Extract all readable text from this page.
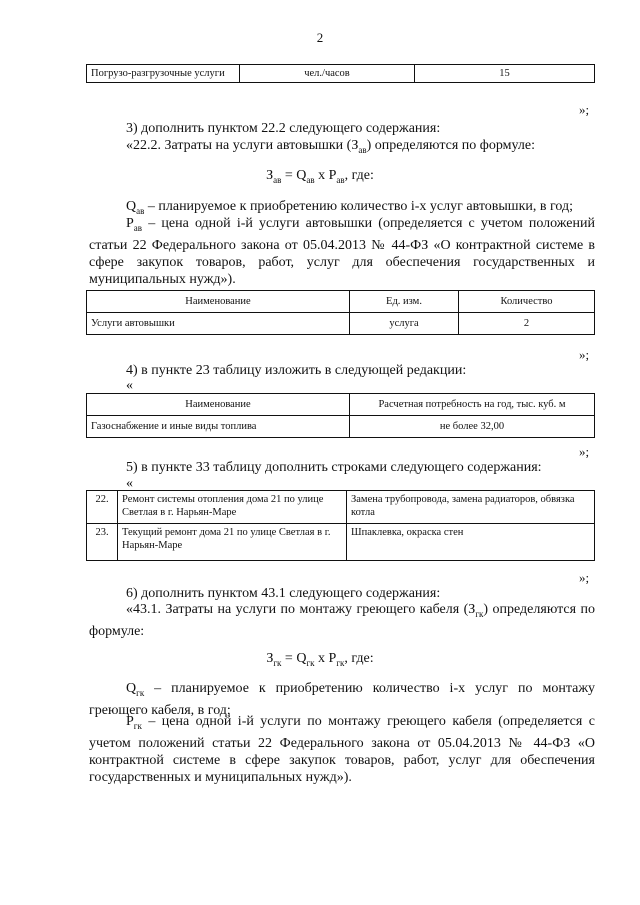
2
Погрузо-разгрузочные услуги	чел./часов	15
»;
3) дополнить пунктом 22.2 следующего содержания:
«22.2. Затраты на услуги автовышки $(З_{ав})$ определяются по формуле:
$З_{ав} = Q_{ав}$ x $P_{ав}$, где:
$Q_{ав}$ – планируемое к приобретению количество i-х услуг автовышки, в год;
$P_{ав}$ – цена одной i-й услуги автовышки (определяется с учетом положений статьи 22 Федерального закона от 05.04.2013 № 44-ФЗ «О контрактной системе в сфере закупок товаров, работ, услуг для обеспечения государственных и муниципальных нужд»).
Наименование	Ед. изм.	Количество
Услуги автовышки	услуга	2
»;
4) в пункте 23 таблицу изложить в следующей редакции:
«
Наименование	Расчетная потребность на год, тыс. куб. м
Газоснабжение и иные виды топлива	не более 32,00
»;
5) в пункте 33 таблицу дополнить строками следующего содержания:
«
22.	Ремонт системы отопления дома 21 по улице Светлая в г. Нарьян-Маре	Замена трубопровода, замена радиаторов, обвязка котла
23.	Текущий ремонт дома 21 по улице Светлая в г. Нарьян-Маре	Шпаклевка, окраска стен
»;
6) дополнить пунктом 43.1 следующего содержания:
«43.1. Затраты на услуги по монтажу греющего кабеля $(З_{гк})$ определяются по формуле:
$З_{гк} = Q_{гк}$ x $P_{гк}$, где:
$Q_{гк}$ – планируемое к приобретению количество i-х услуг по монтажу греющего кабеля, в год;
$P_{гк}$ – цена одной i-й услуги по монтажу греющего кабеля (определяется с учетом положений статьи 22 Федерального закона от 05.04.2013 № 44-ФЗ «О контрактной системе в сфере закупок товаров, работ, услуг для обеспечения государственных и муниципальных нужд»).
